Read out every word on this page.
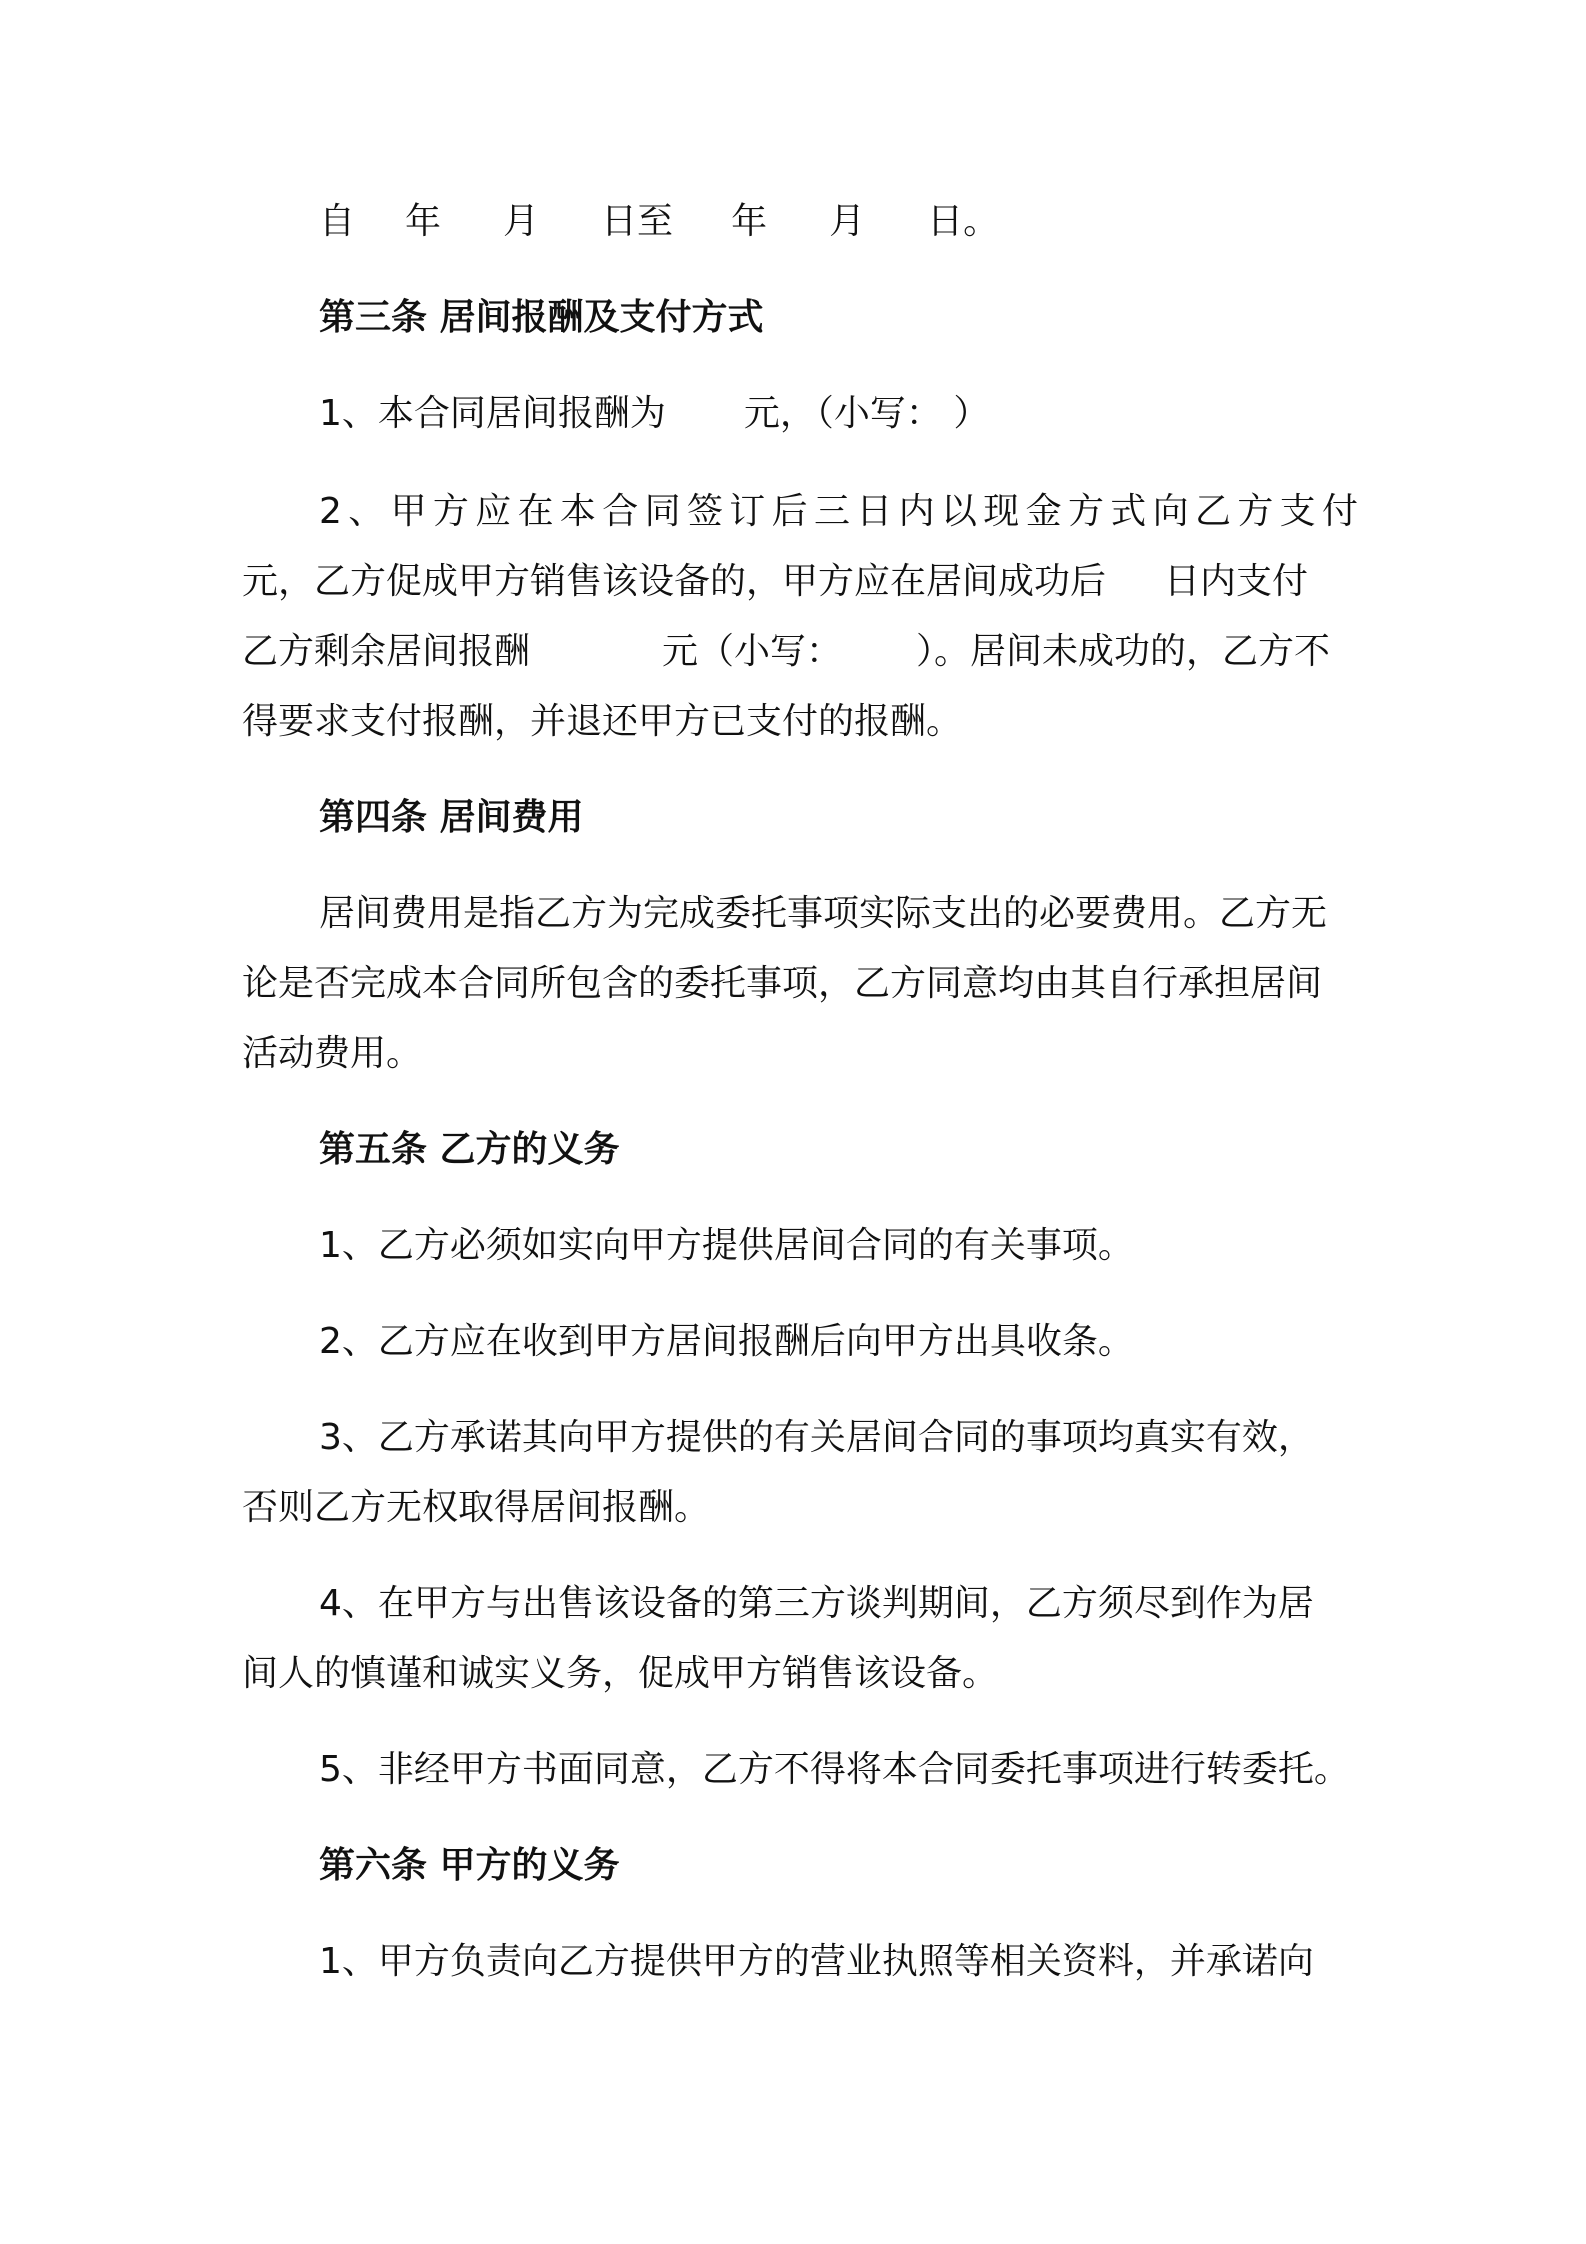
自 年 月 日至 年 月 日。
第三条 居间报酬及支付方式
1、本合同居间报酬为 元，（小写： ）
2、甲方应在本合同签订后三日内以现金方式向乙方支付
元，乙方促成甲方销售该设备的，甲方应在居间成功后 日内支付
乙方剩余居间报酬	元（小写： ）。居间未成功的，乙方不
得要求支付报酬，并退还甲方已支付的报酬。
第四条 居间费用
居间费用是指乙方为完成委托事项实际支出的必要费用。乙方无
论是否完成本合同所包含的委托事项，乙方同意均由其自行承担居间
活动费用。
第五条 乙方的义务
1、乙方必须如实向甲方提供居间合同的有关事项。
2、乙方应在收到甲方居间报酬后向甲方出具收条。
3、乙方承诺其向甲方提供的有关居间合同的事项均真实有效，
否则乙方无权取得居间报酬。
4、在甲方与出售该设备的第三方谈判期间，乙方须尽到作为居
间人的慎谨和诚实义务，促成甲方销售该设备。
5、非经甲方书面同意，乙方不得将本合同委托事项进行转委托。
第六条 甲方的义务
1、甲方负责向乙方提供甲方的营业执照等相关资料，并承诺向
